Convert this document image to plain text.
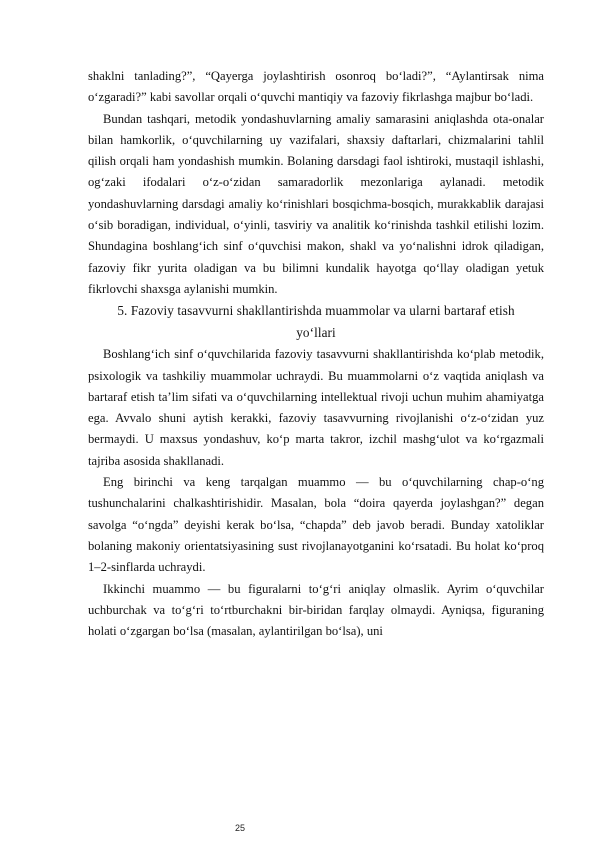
shaklni tanlading?”, “Qayerga joylashtirish osonroq bo‘ladi?”, “Aylantirsak nima o‘zgaradi?” kabi savollar orqali o‘quvchi mantiqiy va fazoviy fikrlashga majbur bo‘ladi.

Bundan tashqari, metodik yondashuvlarning amaliy samarasini aniqlashda ota-onalar bilan hamkorlik, o‘quvchilarning uy vazifalari, shaxsiy daftarlari, chizmalarini tahlil qilish orqali ham yondashish mumkin. Bolaning darsdagi faol ishtiroki, mustaqil ishlashi, og‘zaki ifodalari o‘z-o‘zidan samaradorlik mezonlariga aylanadi. metodik yondashuvlarning darsdagi amaliy ko‘rinishlari bosqichma-bosqich, murakkablik darajasi o‘sib boradigan, individual, o‘yinli, tasviriy va analitik ko‘rinishda tashkil etilishi lozim. Shundagina boshlang‘ich sinf o‘quvchisi makon, shakl va yo‘nalishni idrok qiladigan, fazoviy fikr yurita oladigan va bu bilimni kundalik hayotga qo‘llay oladigan yetuk fikrlovchi shaxsga aylanishi mumkin.

5. Fazoviy tasavvurni shakllantirishda muammolar va ularni bartaraf etish yo‘llari

Boshlang‘ich sinf o‘quvchilarida fazoviy tasavvurni shakllantirishda ko‘plab metodik, psixologik va tashkiliy muammolar uchraydi. Bu muammolarni o‘z vaqtida aniqlash va bartaraf etish ta’lim sifati va o‘quvchilarning intellektual rivoji uchun muhim ahamiyatga ega. Avvalo shuni aytish kerakki, fazoviy tasavvurning rivojlanishi o‘z-o‘zidan yuz bermaydi. U maxsus yondashuv, ko‘p marta takror, izchil mashg‘ulot va ko‘rgazmali tajriba asosida shakllanadi.

Eng birinchi va keng tarqalgan muammo — bu o‘quvchilarning chap-o‘ng tushunchalarini chalkashtirishidir. Masalan, bola “doira qayerda joylashgan?” degan savolga “o‘ngda” deyishi kerak bo‘lsa, “chapda” deb javob beradi. Bunday xatoliklar bolaning makoniy orientatsiyasining sust rivojlanayotganini ko‘rsatadi. Bu holat ko‘proq 1–2-sinflarda uchraydi.

Ikkinchi muammo — bu figuralarni to‘g‘ri aniqlay olmaslik. Ayrim o‘quvchilar uchburchak va to‘g‘ri to‘rtburchakni bir-biridan farqlay olmaydi. Ayniqsa, figuraning holati o‘zgargan bo‘lsa (masalan, aylantirilgan bo‘lsa), uni

25
